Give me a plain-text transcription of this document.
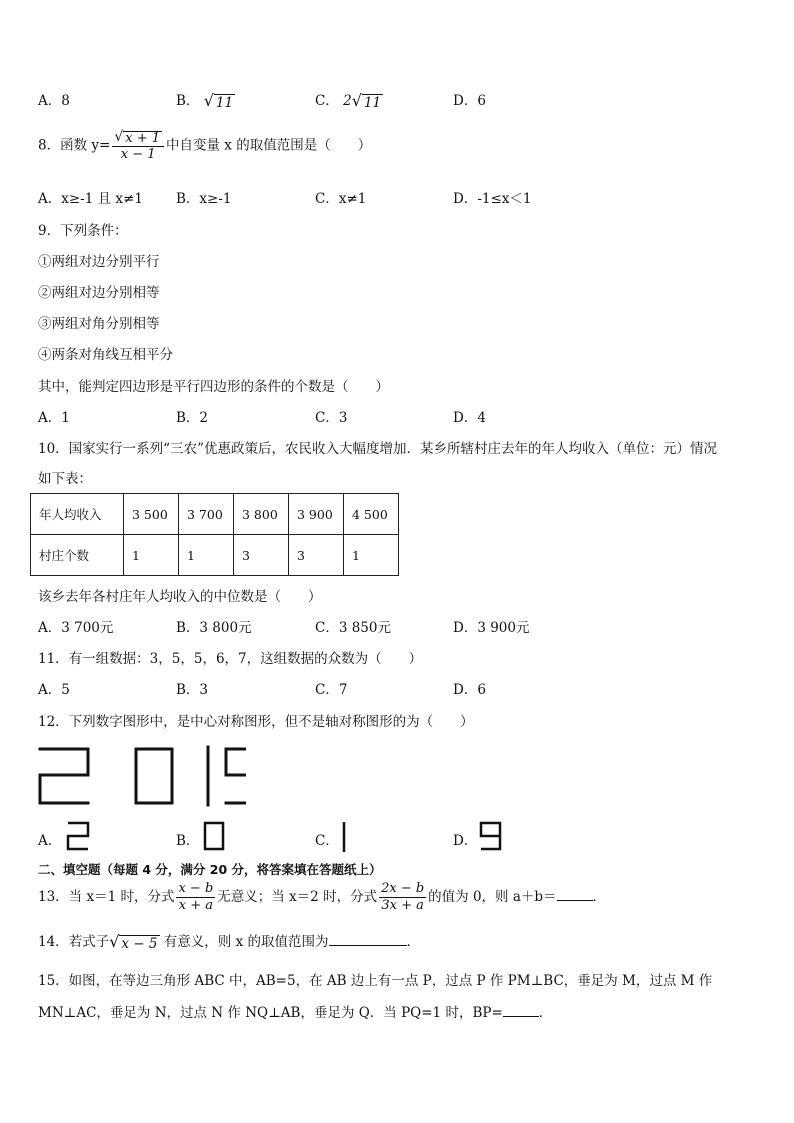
A．8	B． √ 11	C． 2 √ 11	D．6
8．函数 $y= \frac{√ x + 1}{x - 1}$ 中自变量 x 的取值范围是（　　）
A．x≥-1 且 x≠1 B．x≥-1	C．x≠1	D．-1≤x＜1
9．下列条件：
①两组对边分别平行
②两组对边分别相等
③两组对角分别相等
④两条对角线互相平分
其中，能判定四边形是平行四边形的条件的个数是（　　）
A．1	B．2	C．3	D．4
10．国家实行一系列“三农”优惠政策后，农民收入大幅度增加．某乡所辖村庄去年的年人均收入（单位：元）情况
如下表：
年人均收入	3 500	3 700	3 800	3 900	4 500
村庄个数	1	1	3	3	1
该乡去年各村庄年人均收入的中位数是（　　）
A．3 700元	B．3 800元	C．3 850元	D．3 900元
11．有一组数据：3，5，5，6，7，这组数据的众数为（　　）
A．5	B．3	C．7	D．6
12．下列数字图形中，是中心对称图形，但不是轴对称图形的为（　　）
A．	B．	C．	D．
二、填空题（每题 4 分，满分 20 分，将答案填在答题纸上）
13．当 x＝1 时，分式 $\frac{x - b}{x + a}$ 无意义；当 x＝2 时，分式 $\frac{2x - b}{3x + a}$ 的值为 0，则 a＋b＝	．
14．若式子 √ x − 5 有意义，则 x 的取值范围为	．
15．如图，在等边三角形 ABC 中，AB=5，在 AB 边上有一点 P，过点 P 作 PM⊥BC，垂足为 M，过点 M 作
MN⊥AC，垂足为 N，过点 N 作 NQ⊥AB，垂足为 Q．当 PQ=1 时，BP=	．
